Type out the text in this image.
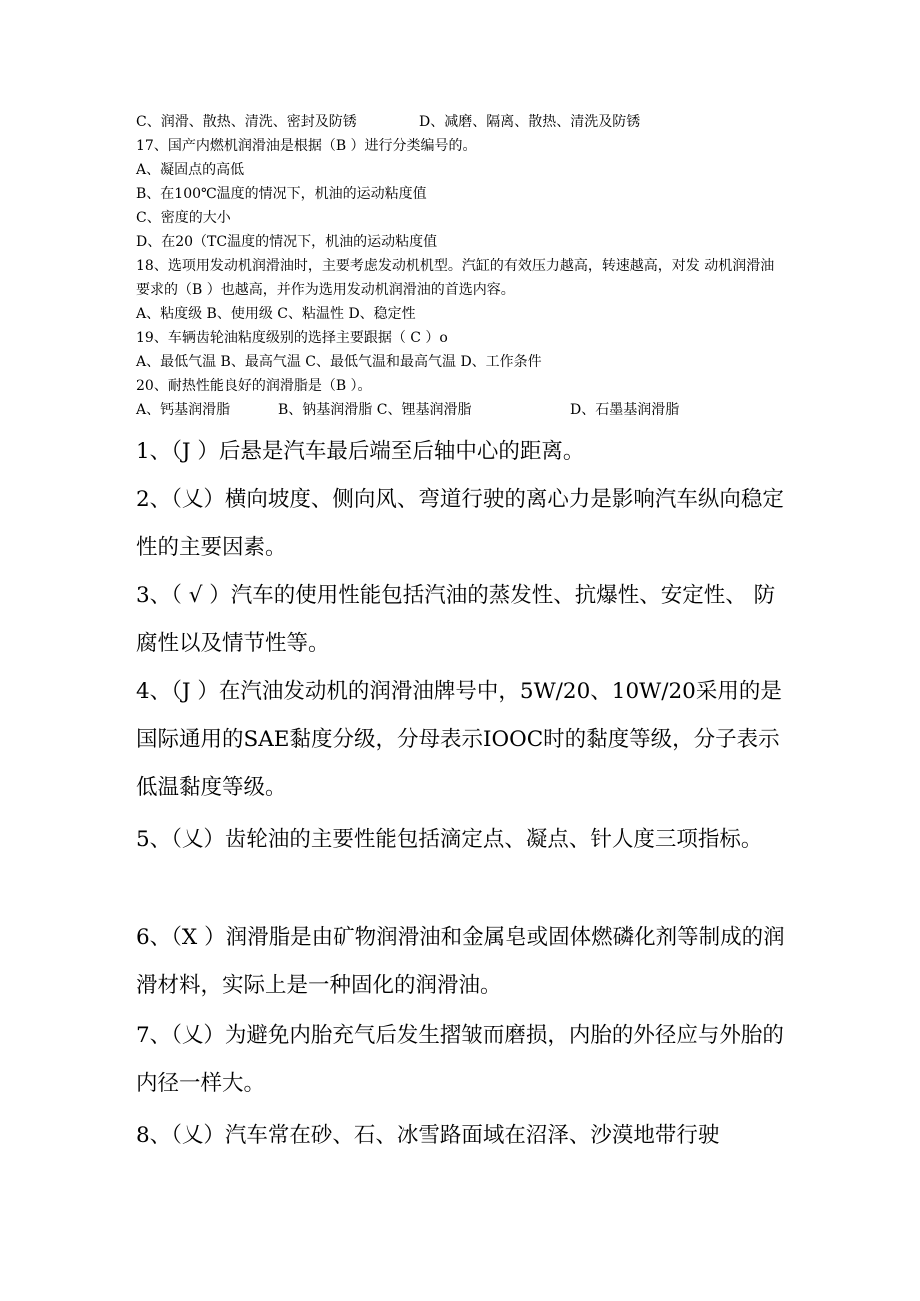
C、润滑、散热、清洗、密封及防锈	D、减磨、隔离、散热、清洗及防锈
17、国产内燃机润滑油是根据（B ）进行分类编号的。
A、凝固点的高低
B、在100℃温度的情况下，机油的运动粘度值
C、密度的大小
D、在20（TC温度的情况下，机油的运动粘度值
18、选项用发动机润滑油时，主要考虑发动机机型。汽缸的有效压力越高，转速越高，对发 动机润滑油要求的（B ）也越高，并作为选用发动机润滑油的首选内容。
A、粘度级 B、使用级 C、粘温性 D、稳定性
19、车辆齿轮油粘度级别的选择主要跟据（ C ）o
A、最低气温 B、最高气温 C、最低气温和最高气温 D、工作条件
20、耐热性能良好的润滑脂是（B ）。
A、钙基润滑脂	B、钠基润滑脂 C、锂基润滑脂	D、石墨基润滑脂
1、（J ）后悬是汽车最后端至后轴中心的距离。
2、（乂）横向坡度、侧向风、弯道行驶的离心力是影响汽车纵向稳定性的主要因素。
3、（ √ ）汽车的使用性能包括汽油的蒸发性、抗爆性、安定性、 防腐性以及情节性等。
4、（J ）在汽油发动机的润滑油牌号中，5W/20、10W/20采用的是国际通用的SAE黏度分级，分母表示IOOC时的黏度等级，分子表示低温黏度等级。
5、（乂）齿轮油的主要性能包括滴定点、凝点、针人度三项指标。
6、（X ）润滑脂是由矿物润滑油和金属皂或固体燃磷化剂等制成的润滑材料，实际上是一种固化的润滑油。
7、（乂）为避免内胎充气后发生摺皱而磨损，内胎的外径应与外胎的内径一样大。
8、（乂）汽车常在砂、石、冰雪路面域在沼泽、沙漠地带行驶
